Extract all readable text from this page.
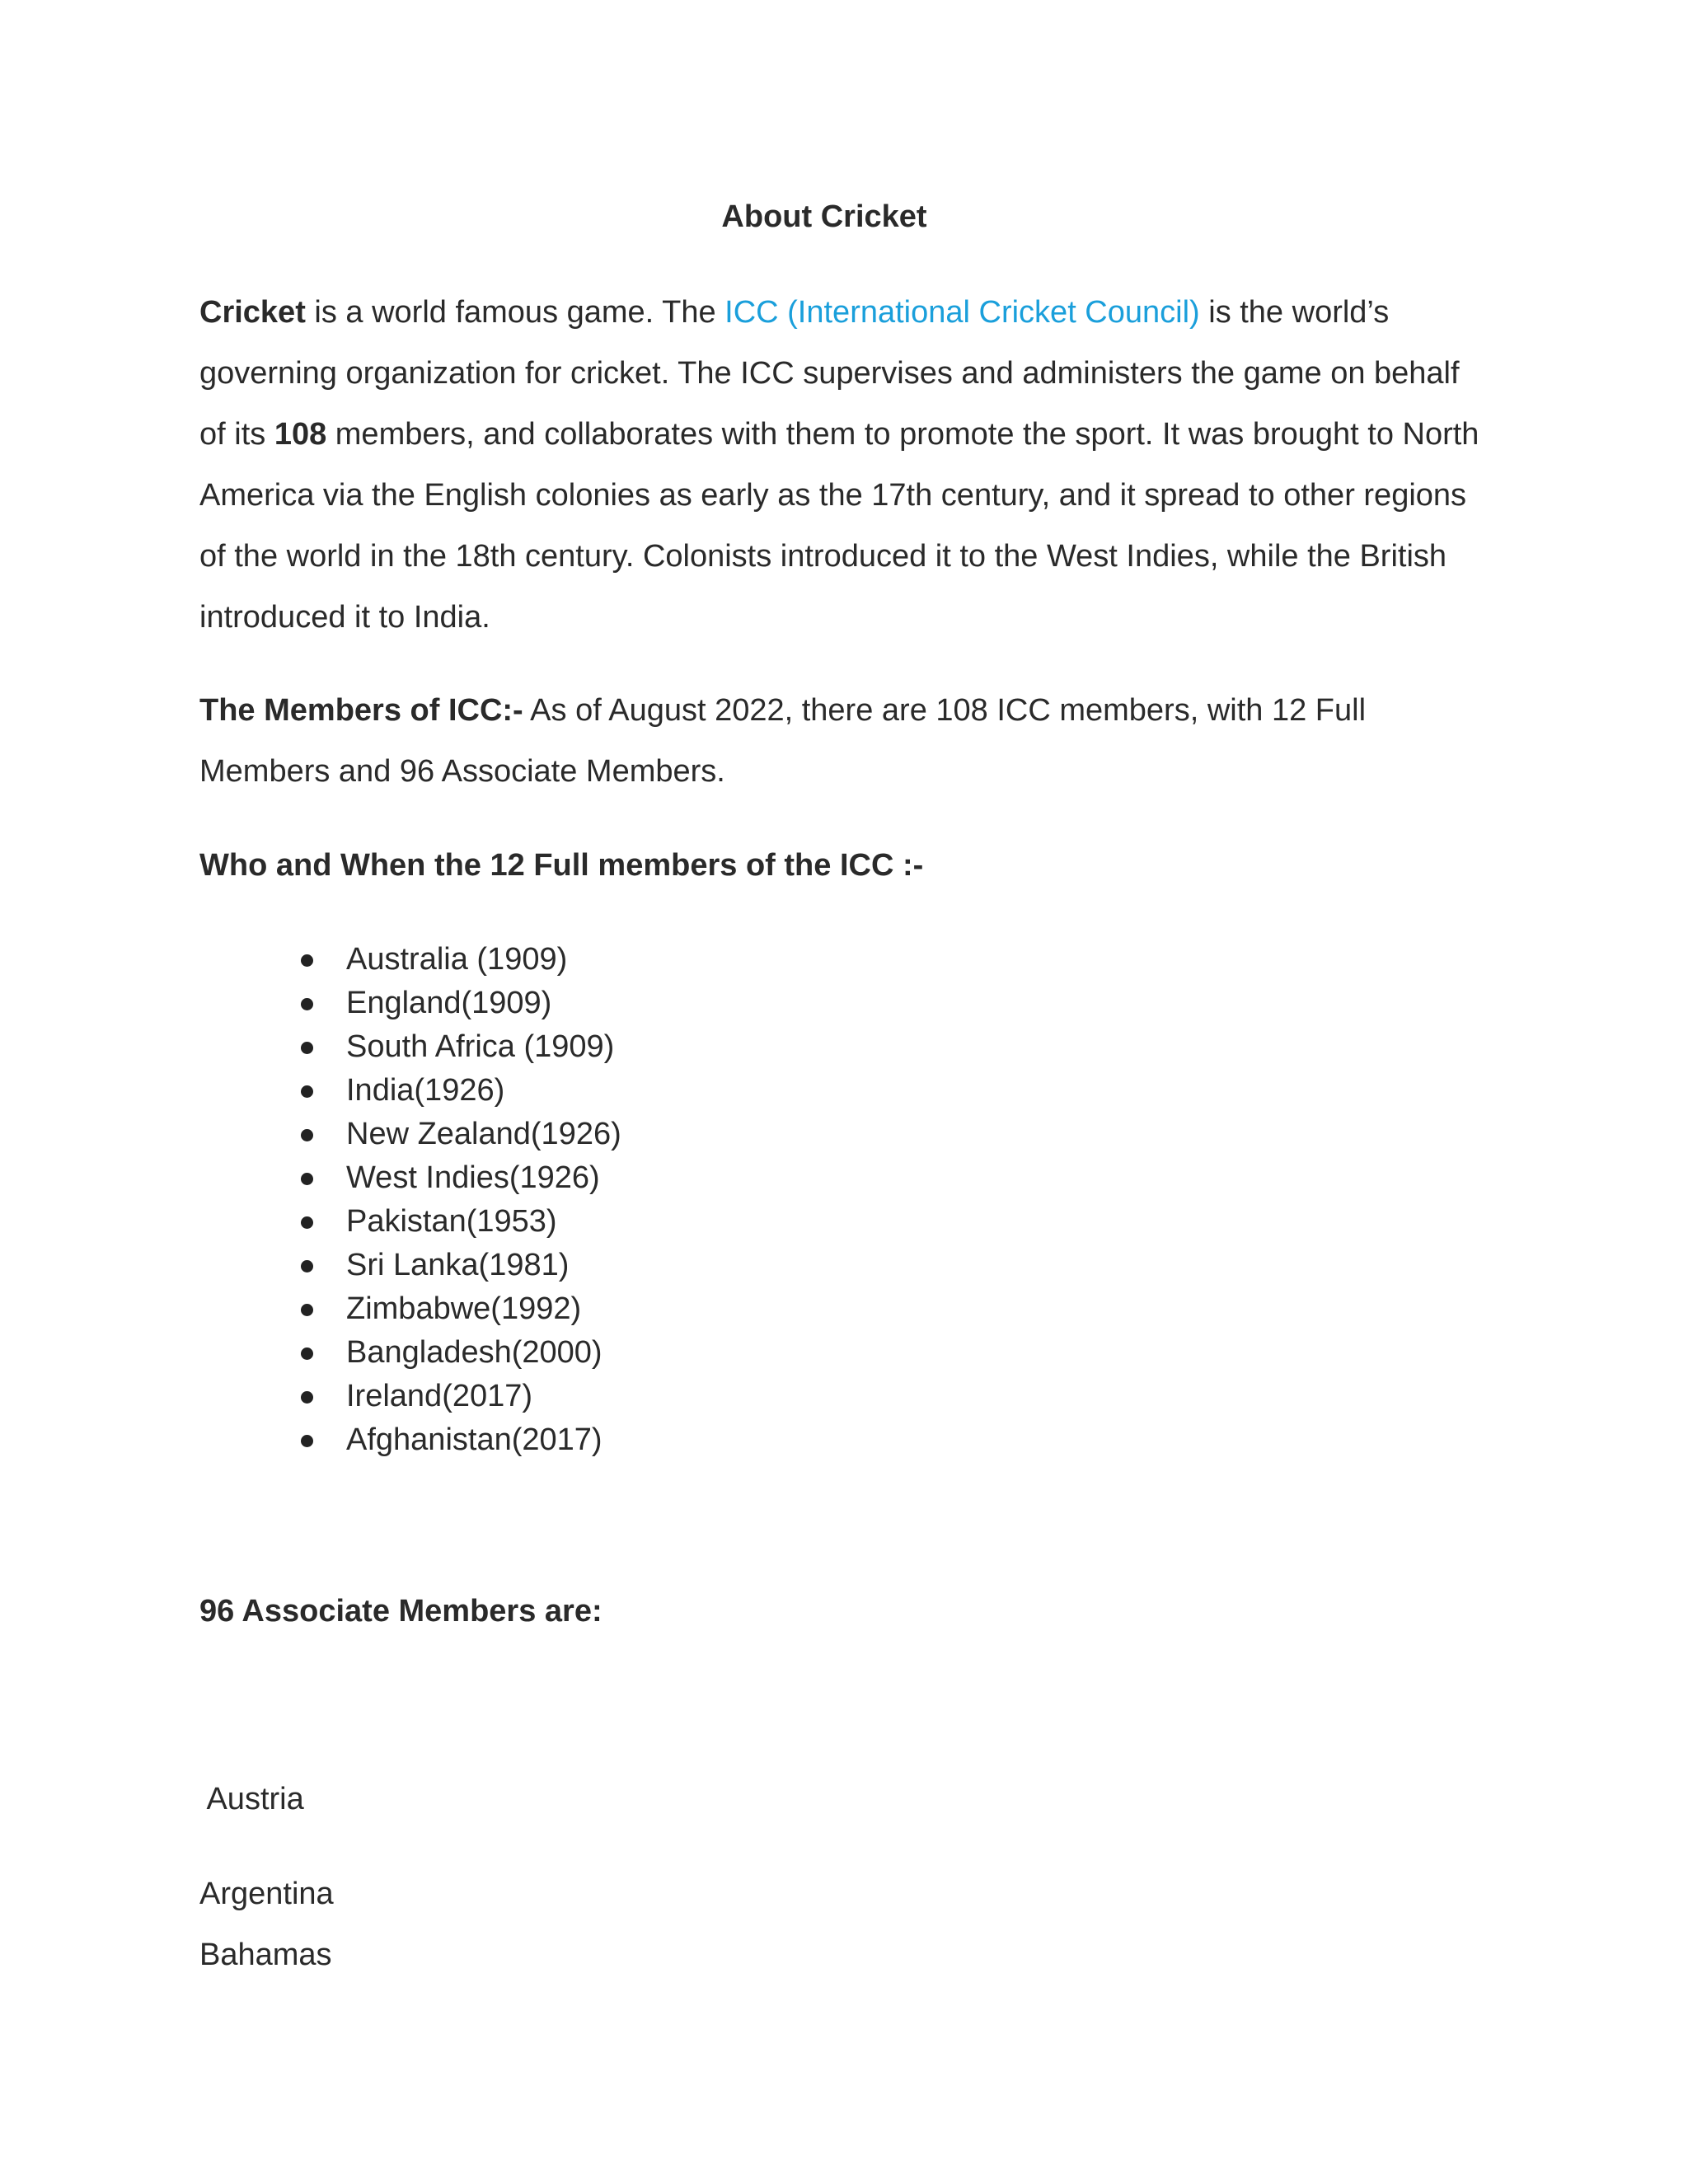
About Cricket

Cricket is a world famous game. The ICC (International Cricket Council) is the world’s governing organization for cricket. The ICC supervises and administers the game on behalf of its 108 members, and collaborates with them to promote the sport. It was brought to North America via the English colonies as early as the 17th century, and it spread to other regions of the world in the 18th century. Colonists introduced it to the West Indies, while the British introduced it to India.

The Members of ICC:- As of August 2022, there are 108 ICC members, with 12 Full Members and 96 Associate Members.

Who and When the 12 Full members of the ICC :-
Australia (1909)
England(1909)
South Africa (1909)
India(1926)
New Zealand(1926)
West Indies(1926)
Pakistan(1953)
Sri Lanka(1981)
Zimbabwe(1992)
Bangladesh(2000)
Ireland(2017)
Afghanistan(2017)
96 Associate Members are:

Austria

Argentina

Bahamas
